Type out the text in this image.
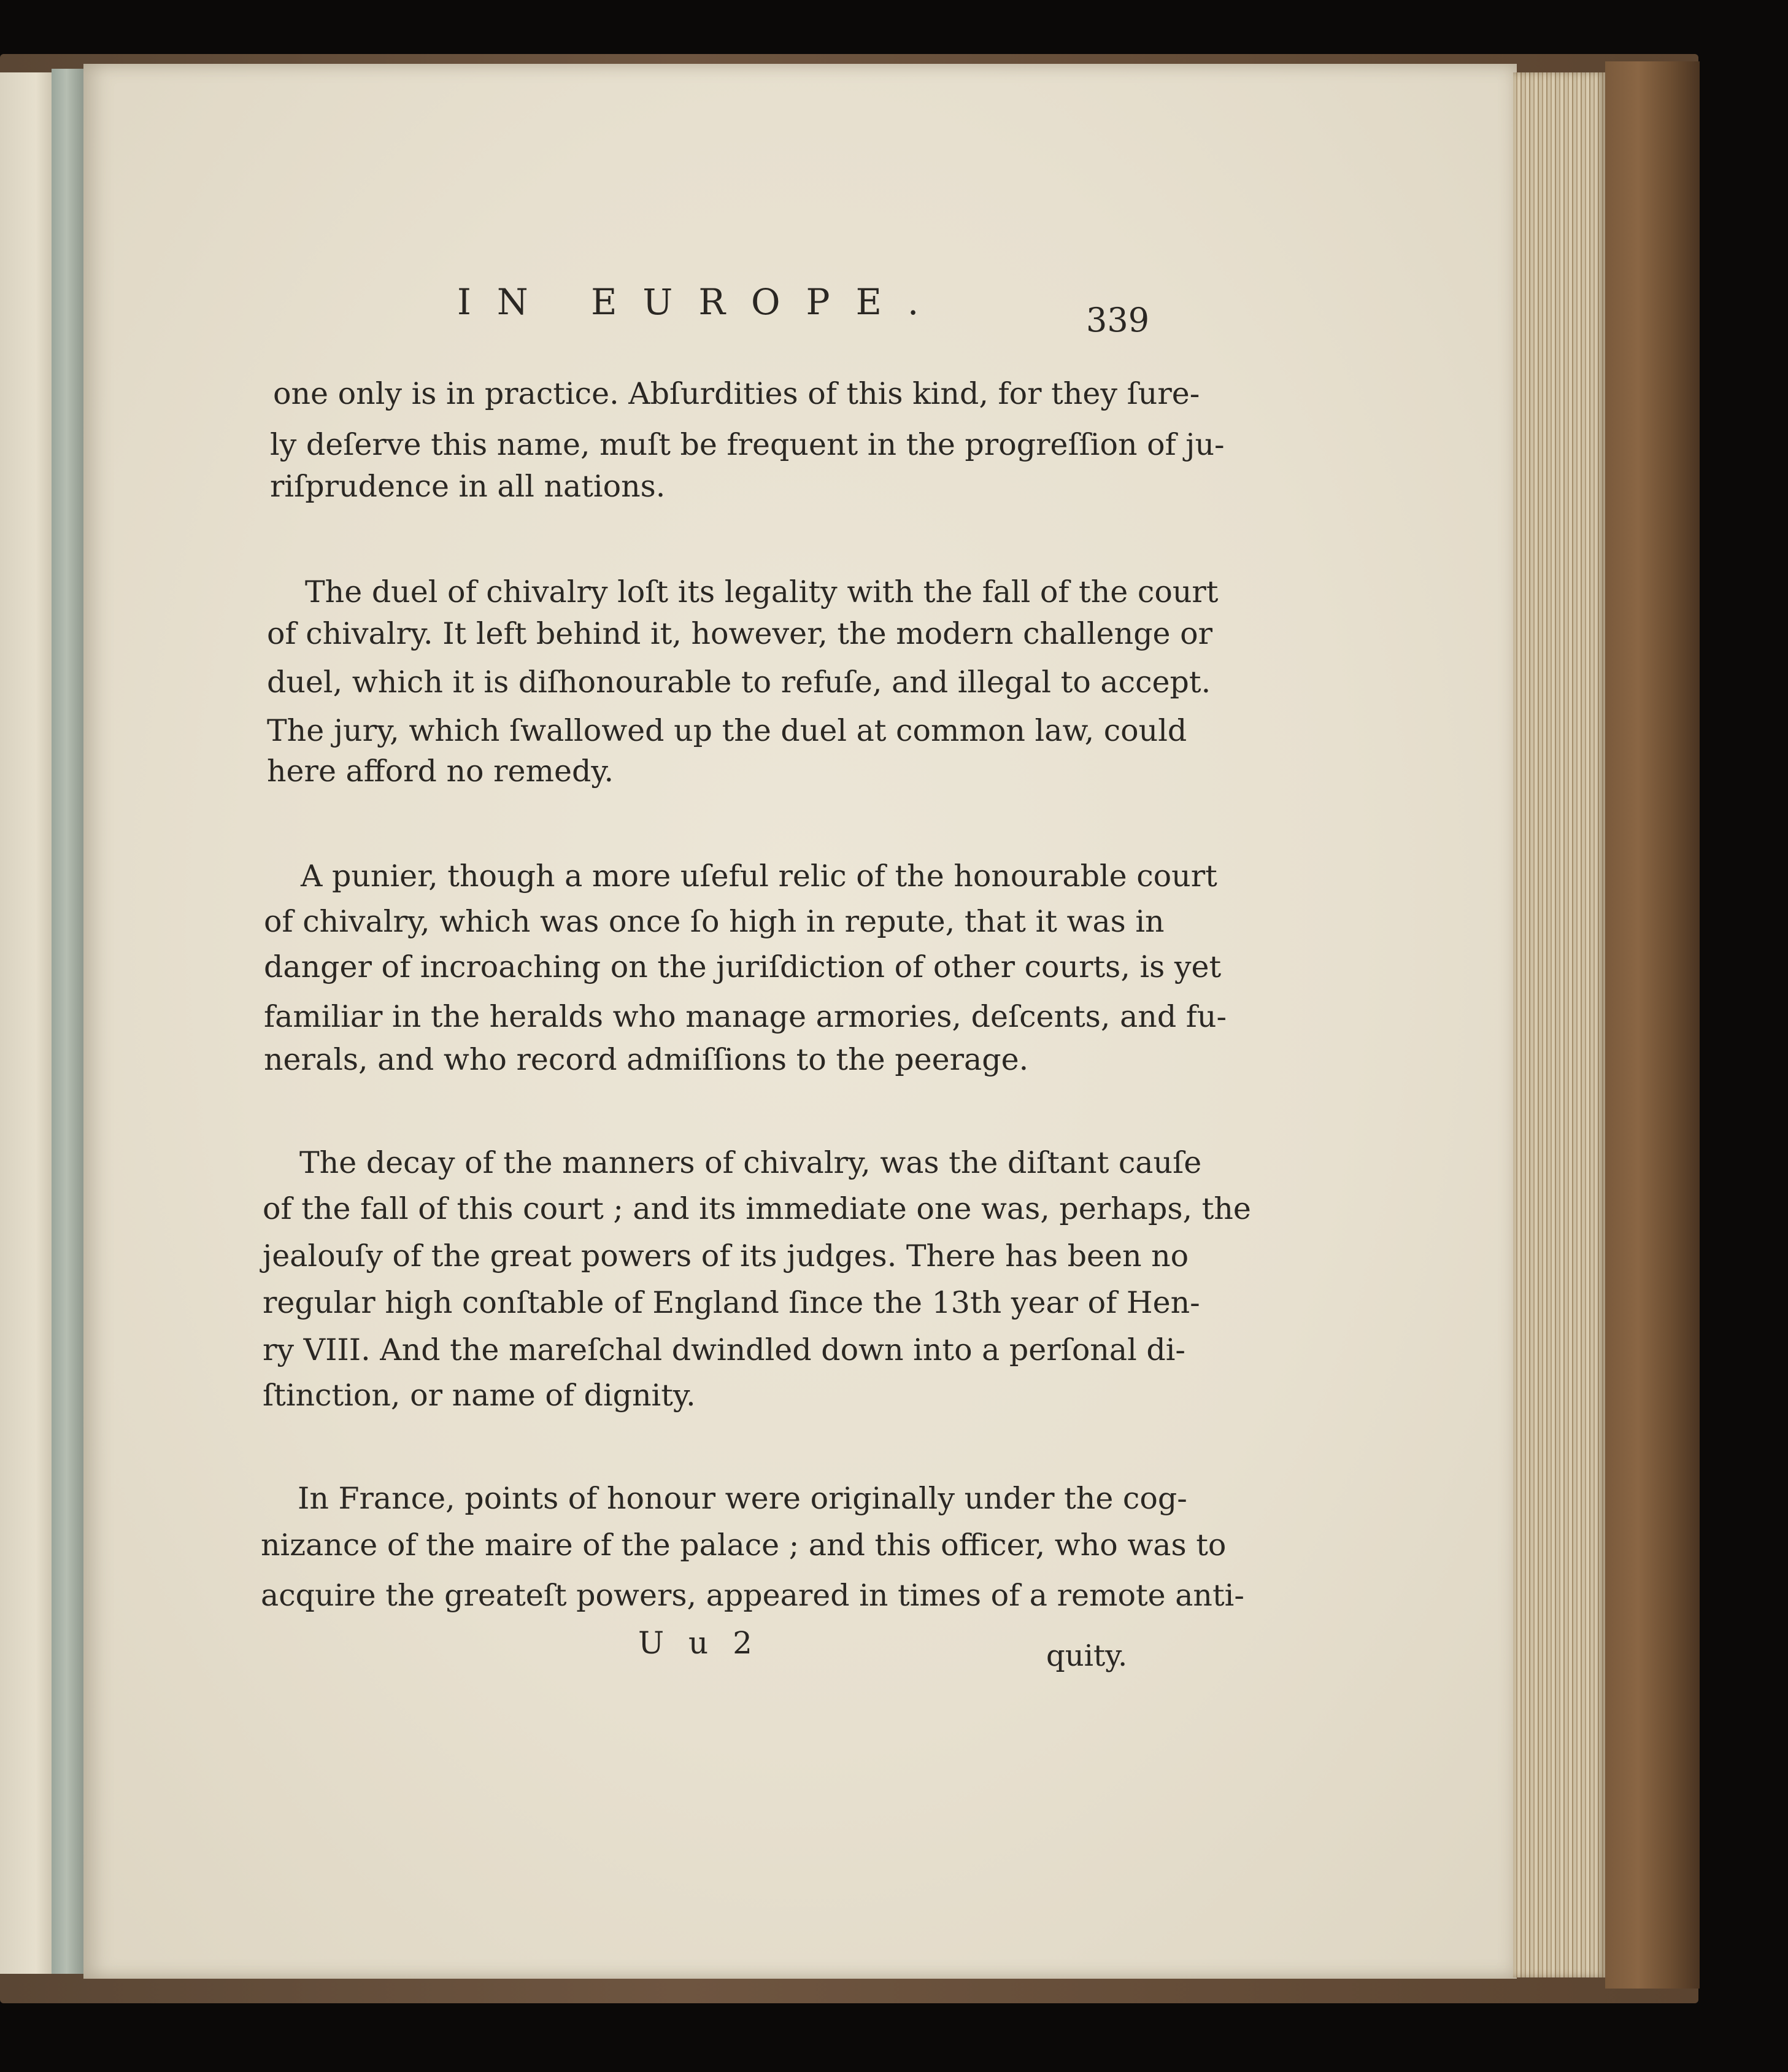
IN EUROPE.	339
one only is in practice. Abſurdities of this kind, for they ſure-
ly deſerve this name, muſt be frequent in the progreſſion of ju-
riſprudence in all nations.
The duel of chivalry loſt its legality with the fall of the court
of chivalry. It left behind it, however, the modern challenge or
duel, which it is diſhonourable to refuſe, and illegal to accept.
The jury, which ſwallowed up the duel at common law, could
here afford no remedy.
A punier, though a more uſeful relic of the honourable court
of chivalry, which was once ſo high in repute, that it was in
danger of incroaching on the juriſdiction of other courts, is yet
familiar in the heralds who manage armories, deſcents, and fu-
nerals, and who record admiſſions to the peerage.
The decay of the manners of chivalry, was the diſtant cauſe
of the fall of this court ; and its immediate one was, perhaps, the
jealouſy of the great powers of its judges. There has been no
regular high conſtable of England ſince the 13th year of Hen-
ry VIII. And the mareſchal dwindled down into a perſonal di-
ſtinction, or name of dignity.
In France, points of honour were originally under the cog-
nizance of the maire of the palace ; and this officer, who was to
acquire the greateſt powers, appeared in times of a remote anti-
U u 2	quity.
